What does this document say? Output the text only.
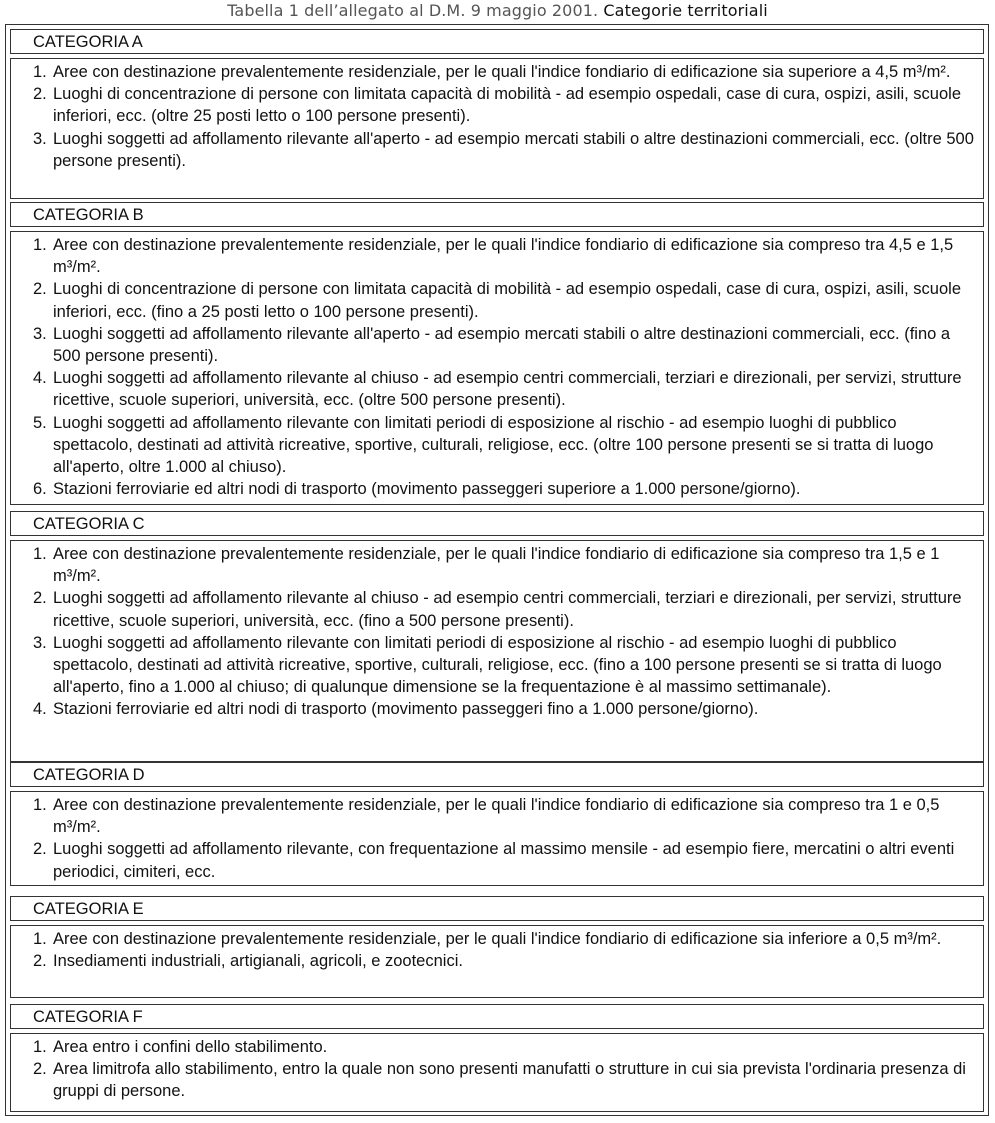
Tabella 1 dell’allegato al D.M. 9 maggio 2001. Categorie territoriali
CATEGORIA A
1. Aree con destinazione prevalentemente residenziale, per le quali l'indice fondiario di edificazione sia superiore a 4,5 m³/m².
2. Luoghi di concentrazione di persone con limitata capacità di mobilità - ad esempio ospedali, case di cura, ospizi, asili, scuole inferiori, ecc. (oltre 25 posti letto o 100 persone presenti).
3. Luoghi soggetti ad affollamento rilevante all'aperto - ad esempio mercati stabili o altre destinazioni commerciali, ecc. (oltre 500 persone presenti).
CATEGORIA B
1. Aree con destinazione prevalentemente residenziale, per le quali l'indice fondiario di edificazione sia compreso tra 4,5 e 1,5 m³/m².
2. Luoghi di concentrazione di persone con limitata capacità di mobilità - ad esempio ospedali, case di cura, ospizi, asili, scuole inferiori, ecc. (fino a 25 posti letto o 100 persone presenti).
3. Luoghi soggetti ad affollamento rilevante all'aperto - ad esempio mercati stabili o altre destinazioni commerciali, ecc. (fino a 500 persone presenti).
4. Luoghi soggetti ad affollamento rilevante al chiuso - ad esempio centri commerciali, terziari e direzionali, per servizi, strutture ricettive, scuole superiori, università, ecc. (oltre 500 persone presenti).
5. Luoghi soggetti ad affollamento rilevante con limitati periodi di esposizione al rischio - ad esempio luoghi di pubblico spettacolo, destinati ad attività ricreative, sportive, culturali, religiose, ecc. (oltre 100 persone presenti se si tratta di luogo all'aperto, oltre 1.000 al chiuso).
6. Stazioni ferroviarie ed altri nodi di trasporto (movimento passeggeri superiore a 1.000 persone/giorno).
CATEGORIA C
1. Aree con destinazione prevalentemente residenziale, per le quali l'indice fondiario di edificazione sia compreso tra 1,5 e 1 m³/m².
2. Luoghi soggetti ad affollamento rilevante al chiuso - ad esempio centri commerciali, terziari e direzionali, per servizi, strutture ricettive, scuole superiori, università, ecc. (fino a 500 persone presenti).
3. Luoghi soggetti ad affollamento rilevante con limitati periodi di esposizione al rischio - ad esempio luoghi di pubblico spettacolo, destinati ad attività ricreative, sportive, culturali, religiose, ecc. (fino a 100 persone presenti se si tratta di luogo all'aperto, fino a 1.000 al chiuso; di qualunque dimensione se la frequentazione è al massimo settimanale).
4. Stazioni ferroviarie ed altri nodi di trasporto (movimento passeggeri fino a 1.000 persone/giorno).
CATEGORIA D
1. Aree con destinazione prevalentemente residenziale, per le quali l'indice fondiario di edificazione sia compreso tra 1 e 0,5 m³/m².
2. Luoghi soggetti ad affollamento rilevante, con frequentazione al massimo mensile - ad esempio fiere, mercatini o altri eventi periodici, cimiteri, ecc.
CATEGORIA E
1. Aree con destinazione prevalentemente residenziale, per le quali l'indice fondiario di edificazione sia inferiore a 0,5 m³/m².
2. Insediamenti industriali, artigianali, agricoli, e zootecnici.
CATEGORIA F
1. Area entro i confini dello stabilimento.
2. Area limitrofa allo stabilimento, entro la quale non sono presenti manufatti o strutture in cui sia prevista l'ordinaria presenza di gruppi di persone.
